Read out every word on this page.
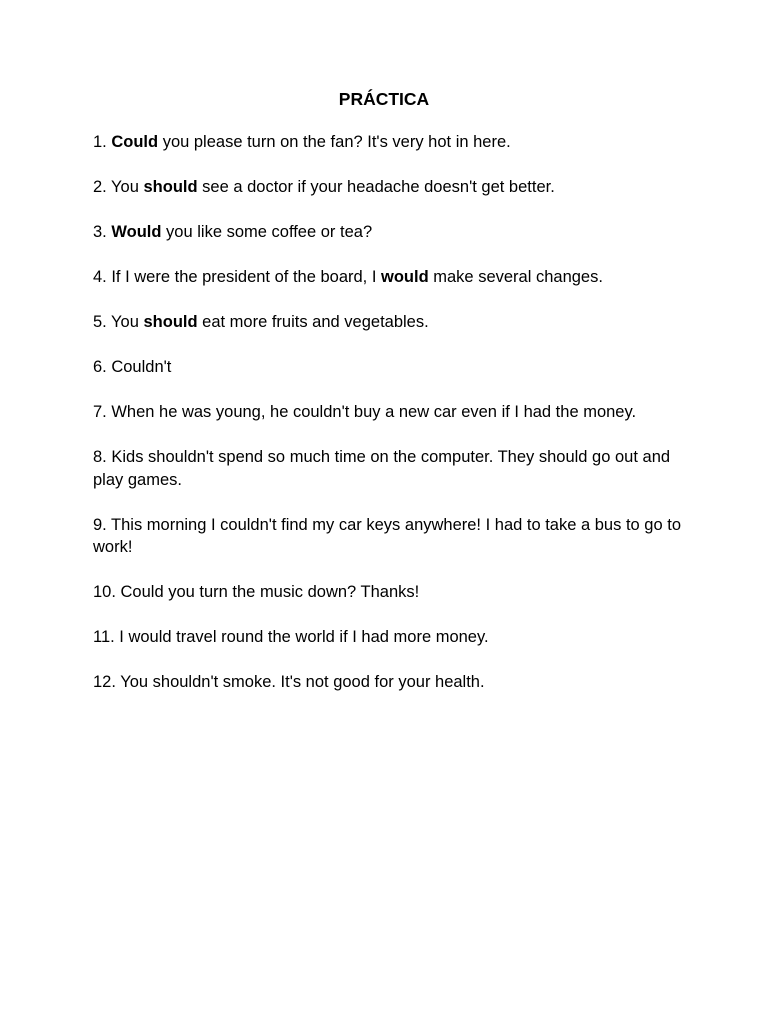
PRÁCTICA
1. Could you please turn on the fan? It's very hot in here.
2. You should see a doctor if your headache doesn't get better.
3. Would you like some coffee or tea?
4. If I were the president of the board, I would make several changes.
5. You should eat more fruits and vegetables.
6. Couldn't
7. When he was young, he couldn't buy a new car even if I had the money.
8. Kids shouldn't spend so much time on the computer. They should go out and play games.
9. This morning I couldn't find my car keys anywhere! I had to take a bus to go to work!
10. Could you turn the music down? Thanks!
11. I would travel round the world if I had more money.
12. You shouldn't smoke. It's not good for your health.
